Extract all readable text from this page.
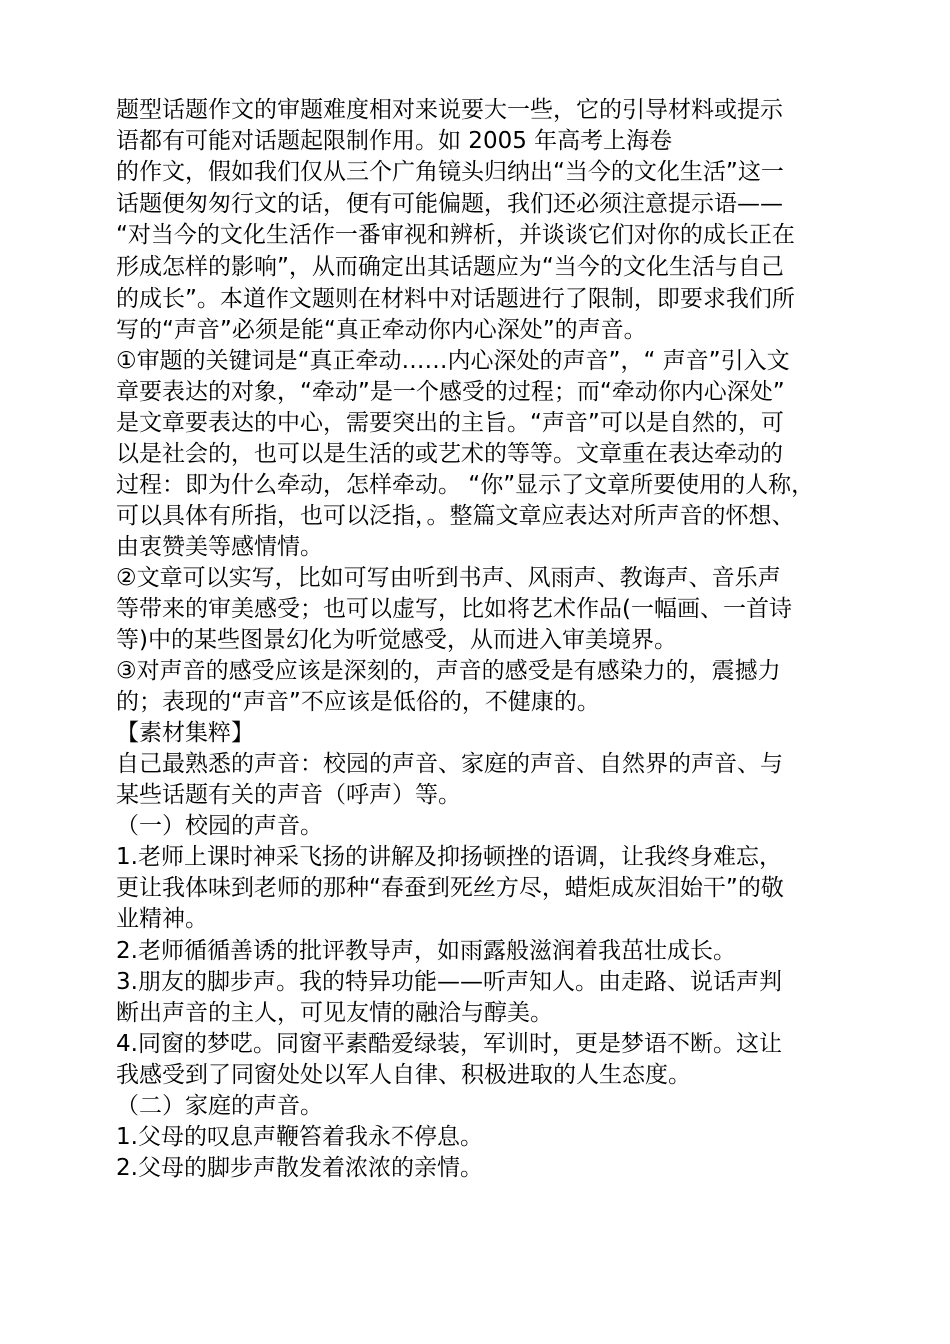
题型话题作文的审题难度相对来说要大一些，它的引导材料或提示
语都有可能对话题起限制作用。如 2005 年高考上海卷
的作文，假如我们仅从三个广角镜头归纳出“当今的文化生活”这一
话题便匆匆行文的话，便有可能偏题，我们还必须注意提示语——
“对当今的文化生活作一番审视和辨析，并谈谈它们对你的成长正在
形成怎样的影响”，从而确定出其话题应为“当今的文化生活与自己
的成长”。本道作文题则在材料中对话题进行了限制，即要求我们所
写的“声音”必须是能“真正牵动你内心深处”的声音。
①审题的关键词是“真正牵动……内心深处的声音”，“ 声音”引入文
章要表达的对象，“牵动”是一个感受的过程；而“牵动你内心深处”
是文章要表达的中心，需要突出的主旨。“声音”可以是自然的，可
以是社会的，也可以是生活的或艺术的等等。文章重在表达牵动的
过程：即为什么牵动，怎样牵动。 “你”显示了文章所要使用的人称，
可以具体有所指，也可以泛指，。整篇文章应表达对所声音的怀想、
由衷赞美等感情情。
②文章可以实写，比如可写由听到书声、风雨声、教诲声、音乐声
等带来的审美感受；也可以虚写，比如将艺术作品(一幅画、一首诗
等)中的某些图景幻化为听觉感受，从而进入审美境界。
③对声音的感受应该是深刻的，声音的感受是有感染力的，震撼力
的；表现的“声音”不应该是低俗的，不健康的。
【素材集粹】
自己最熟悉的声音：校园的声音、家庭的声音、自然界的声音、与
某些话题有关的声音（呼声）等。
（一）校园的声音。
1.老师上课时神采飞扬的讲解及抑扬顿挫的语调，让我终身难忘，
更让我体味到老师的那种“春蚕到死丝方尽，蜡炬成灰泪始干”的敬
业精神。
2.老师循循善诱的批评教导声，如雨露般滋润着我茁壮成长。
3.朋友的脚步声。我的特异功能——听声知人。由走路、说话声判
断出声音的主人，可见友情的融洽与醇美。
4.同窗的梦呓。同窗平素酷爱绿装，军训时，更是梦语不断。这让
我感受到了同窗处处以军人自律、积极进取的人生态度。
（二）家庭的声音。
1.父母的叹息声鞭笞着我永不停息。
2.父母的脚步声散发着浓浓的亲情。
